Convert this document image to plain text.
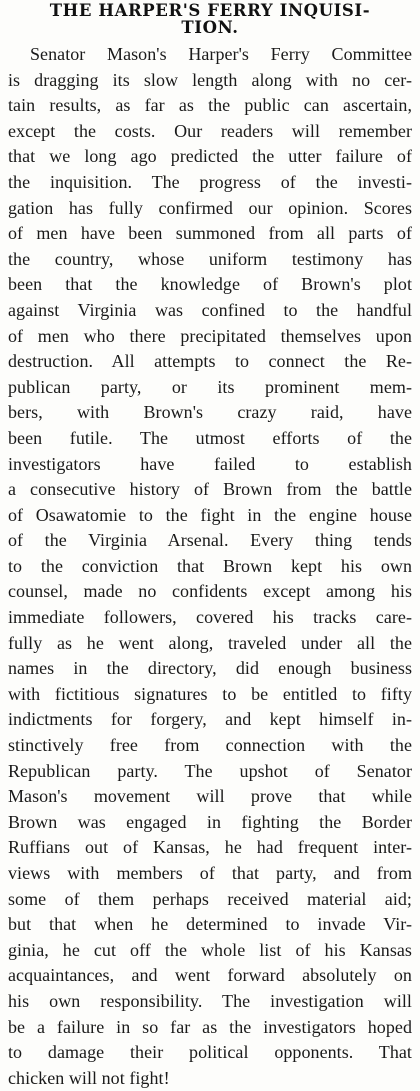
THE HARPER'S FERRY INQUISI-
TION.
Senator Mason's Harper's Ferry Committee
is dragging its slow length along with no cer-
tain results, as far as the public can ascertain,
except the costs. Our readers will remember
that we long ago predicted the utter failure of
the inquisition. The progress of the investi-
gation has fully confirmed our opinion. Scores
of men have been summoned from all parts of
the country, whose uniform testimony has
been that the knowledge of Brown's plot
against Virginia was confined to the handful
of men who there precipitated themselves upon
destruction. All attempts to connect the Re-
publican party, or its prominent mem-
bers, with Brown's crazy raid, have
been futile. The utmost efforts of the
investigators have failed to establish
a consecutive history of Brown from the battle
of Osawatomie to the fight in the engine house
of the Virginia Arsenal. Every thing tends
to the conviction that Brown kept his own
counsel, made no confidents except among his
immediate followers, covered his tracks care-
fully as he went along, traveled under all the
names in the directory, did enough business
with fictitious signatures to be entitled to fifty
indictments for forgery, and kept himself in-
stinctively free from connection with the
Republican party. The upshot of Senator
Mason's movement will prove that while
Brown was engaged in fighting the Border
Ruffians out of Kansas, he had frequent inter-
views with members of that party, and from
some of them perhaps received material aid;
but that when he determined to invade Vir-
ginia, he cut off the whole list of his Kansas
acquaintances, and went forward absolutely on
his own responsibility. The investigation will
be a failure in so far as the investigators hoped
to damage their political opponents. That
chicken will not fight!
